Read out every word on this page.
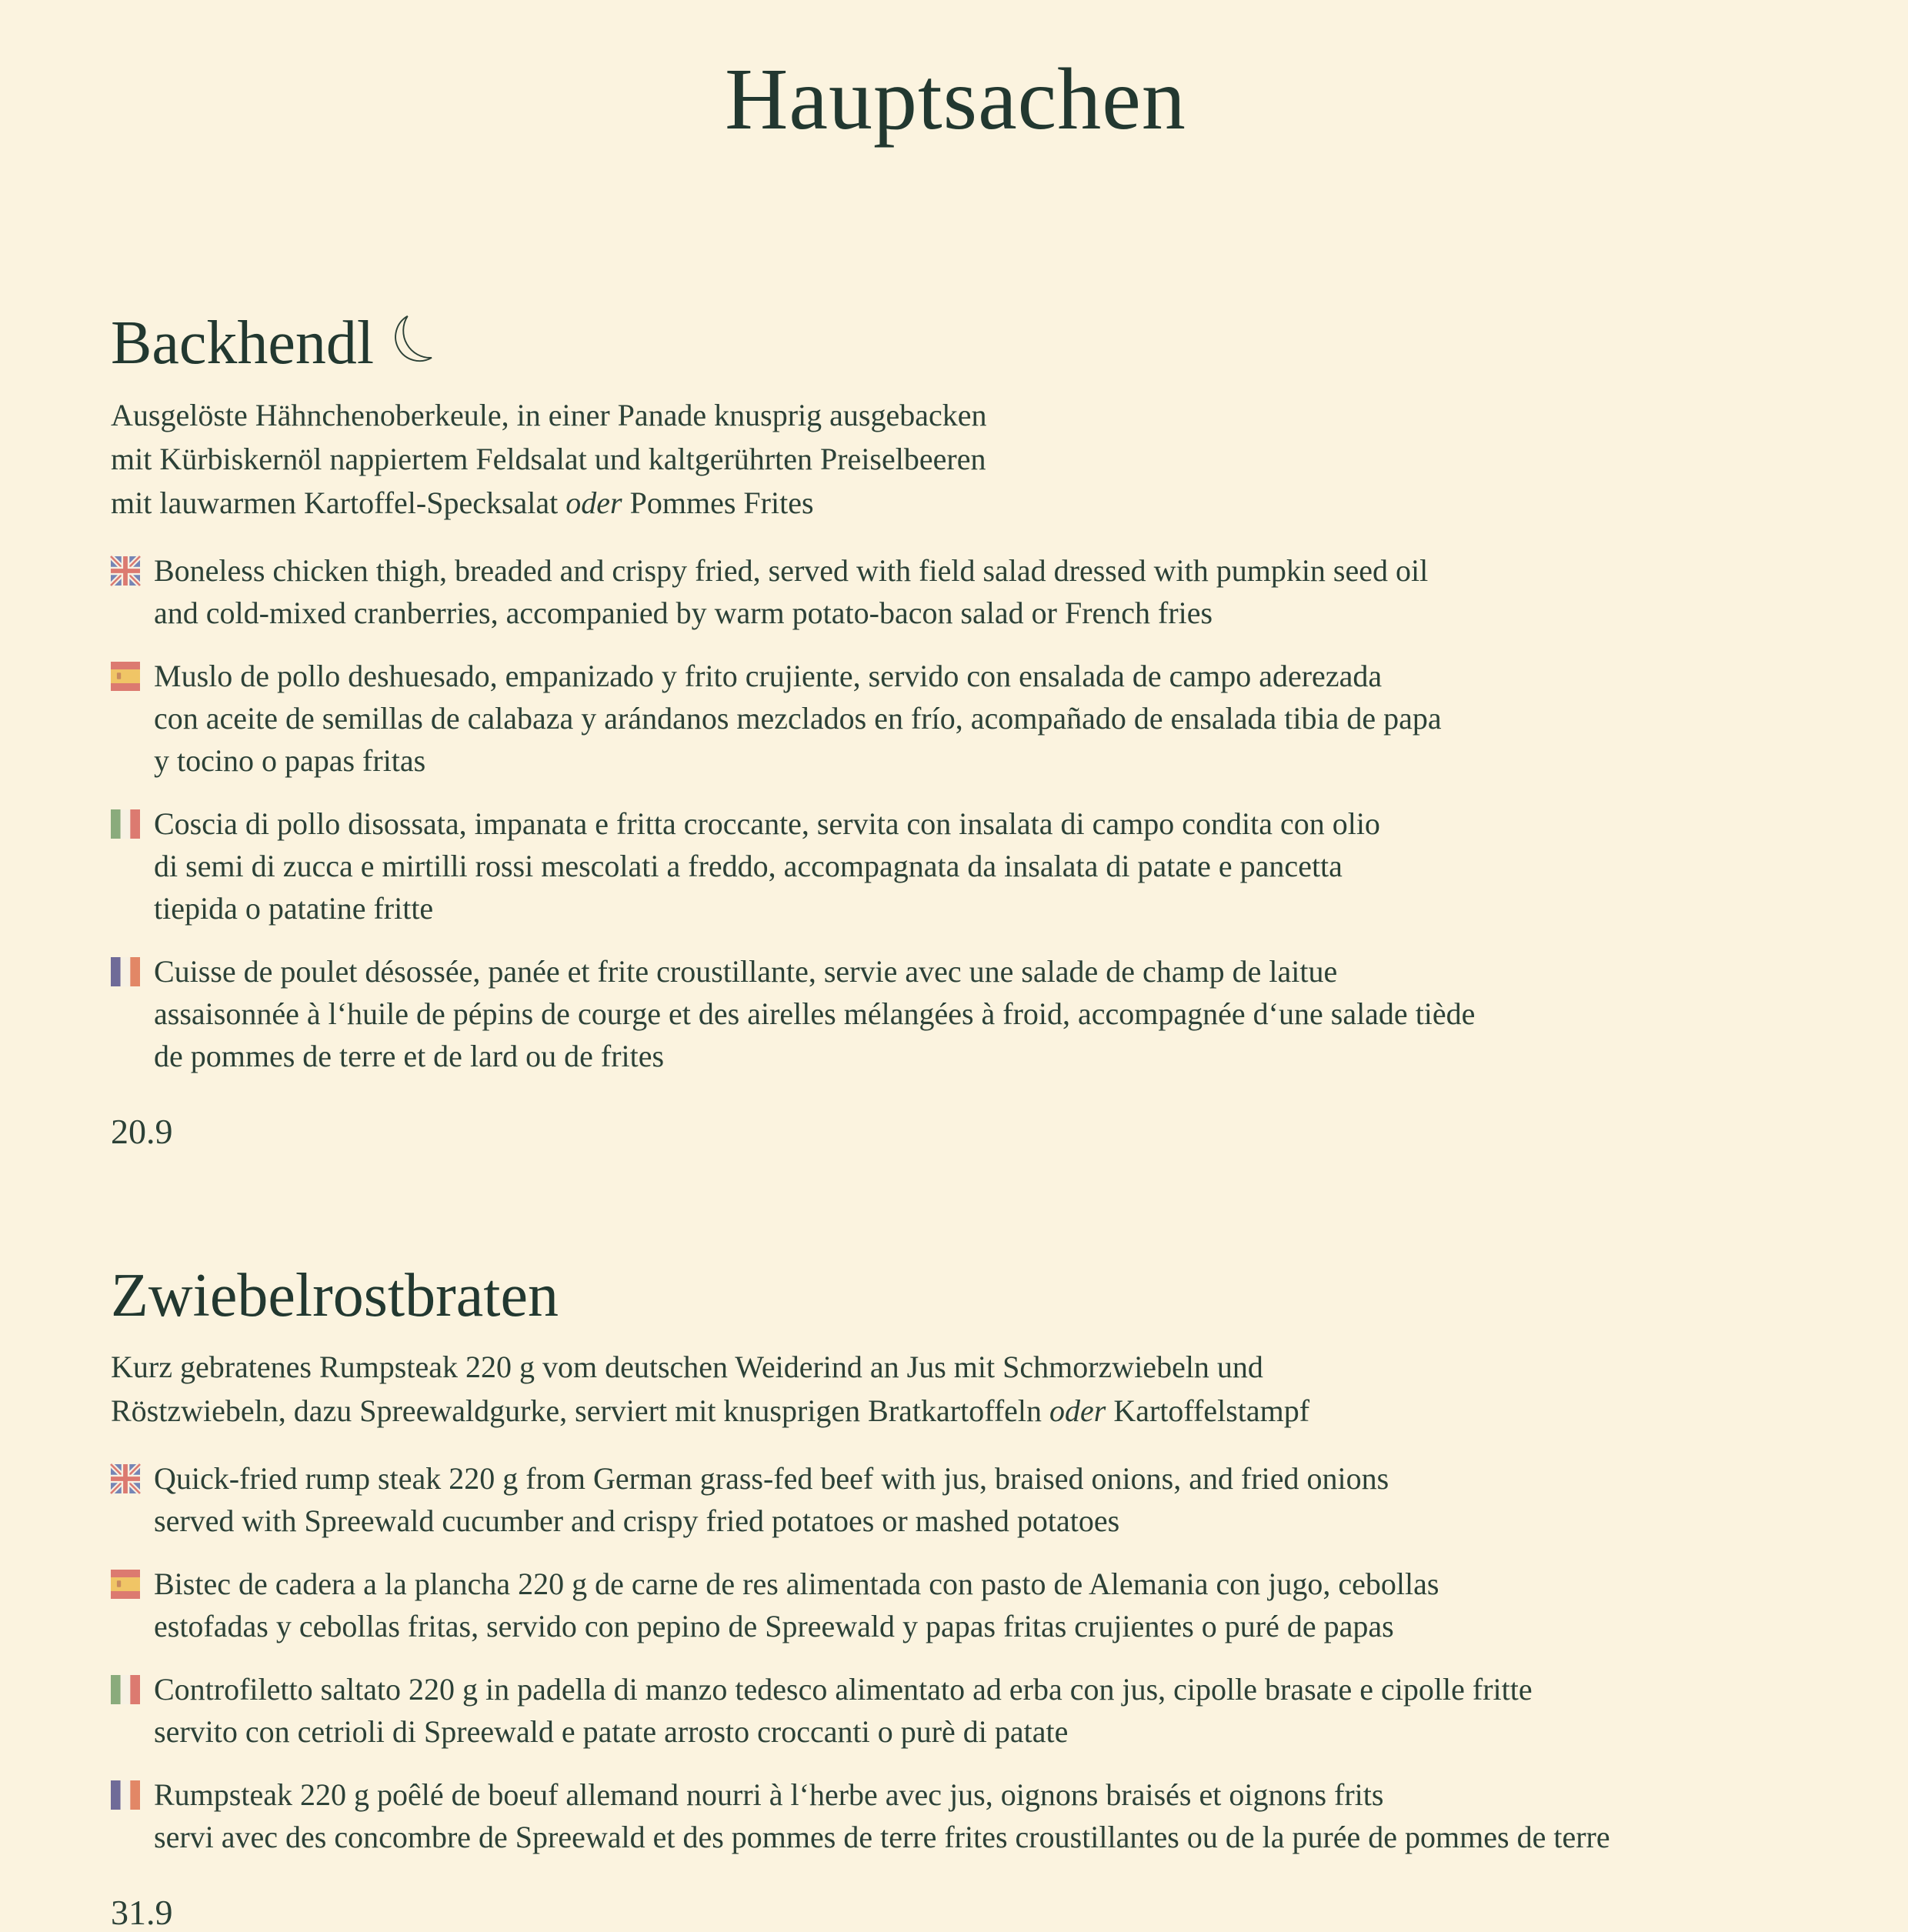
Hauptsachen
Backhendl
Ausgelöste Hähnchenoberkeule, in einer Panade knusprig ausgebacken
mit Kürbiskernöl nappiertem Feldsalat und kaltgerührten Preiselbeeren
mit lauwarmen Kartoffel-Specksalat oder Pommes Frites
Boneless chicken thigh, breaded and crispy fried, served with field salad dressed with pumpkin seed oil
and cold-mixed cranberries, accompanied by warm potato-bacon salad or French fries
Muslo de pollo deshuesado, empanizado y frito crujiente, servido con ensalada de campo aderezada
con aceite de semillas de calabaza y arándanos mezclados en frío, acompañado de ensalada tibia de papa
y tocino o papas fritas
Coscia di pollo disossata, impanata e fritta croccante, servita con insalata di campo condita con olio
di semi di zucca e mirtilli rossi mescolati a freddo, accompagnata da insalata di patate e pancetta
tiepida o patatine fritte
Cuisse de poulet désossée, panée et frite croustillante, servie avec une salade de champ de laitue
assaisonnée à l‘huile de pépins de courge et des airelles mélangées à froid, accompagnée d‘une salade tiède
de pommes de terre et de lard ou de frites
20.9
Zwiebelrostbraten
Kurz gebratenes Rumpsteak 220 g vom deutschen Weiderind an Jus mit Schmorzwiebeln und
Röstzwiebeln, dazu Spreewaldgurke, serviert mit knusprigen Bratkartoffeln oder Kartoffelstampf
Quick-fried rump steak 220 g from German grass-fed beef with jus, braised onions, and fried onions
served with Spreewald cucumber and crispy fried potatoes or mashed potatoes
Bistec de cadera a la plancha 220 g de carne de res alimentada con pasto de Alemania con jugo, cebollas
estofadas y cebollas fritas, servido con pepino de Spreewald y papas fritas crujientes o puré de papas
Controfiletto saltato 220 g in padella di manzo tedesco alimentato ad erba con jus, cipolle brasate e cipolle fritte
servito con cetrioli di Spreewald e patate arrosto croccanti o purè di patate
Rumpsteak 220 g poêlé de boeuf allemand nourri à l‘herbe avec jus, oignons braisés et oignons frits
servi avec des concombre de Spreewald et des pommes de terre frites croustillantes ou de la purée de pommes de terre
31.9
